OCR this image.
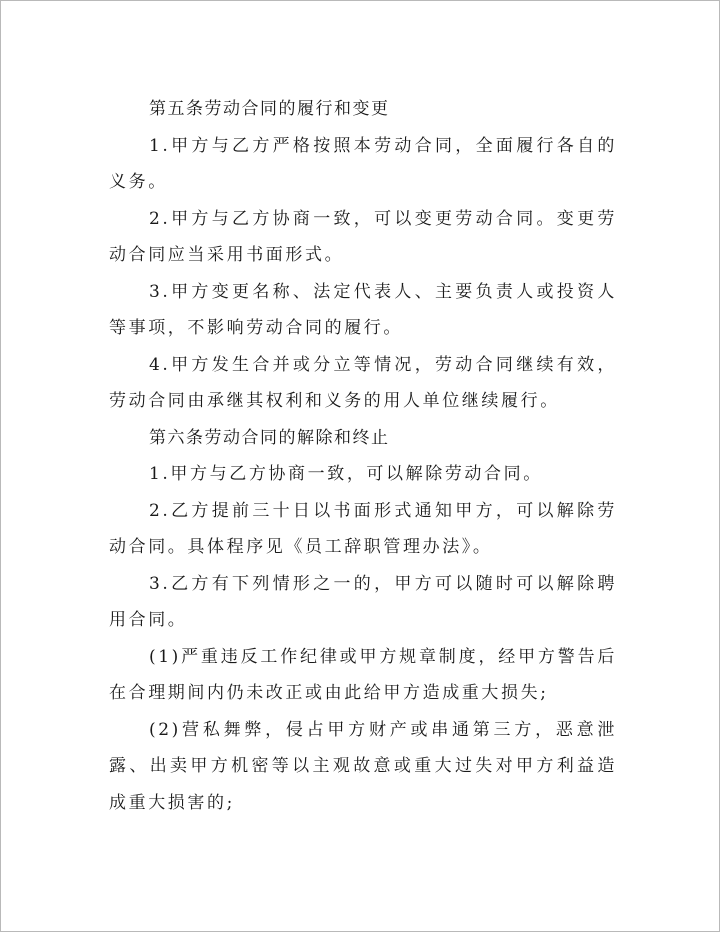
第五条劳动合同的履行和变更

1.甲方与乙方严格按照本劳动合同，全面履行各自的义务。

2.甲方与乙方协商一致，可以变更劳动合同。变更劳动合同应当采用书面形式。

3.甲方变更名称、法定代表人、主要负责人或投资人等事项，不影响劳动合同的履行。

4.甲方发生合并或分立等情况，劳动合同继续有效，劳动合同由承继其权利和义务的用人单位继续履行。

第六条劳动合同的解除和终止

1.甲方与乙方协商一致，可以解除劳动合同。

2.乙方提前三十日以书面形式通知甲方，可以解除劳动合同。具体程序见《员工辞职管理办法》。

3.乙方有下列情形之一的，甲方可以随时可以解除聘用合同。

(1)严重违反工作纪律或甲方规章制度，经甲方警告后在合理期间内仍未改正或由此给甲方造成重大损失;

(2)营私舞弊，侵占甲方财产或串通第三方，恶意泄露、出卖甲方机密等以主观故意或重大过失对甲方利益造成重大损害的;
